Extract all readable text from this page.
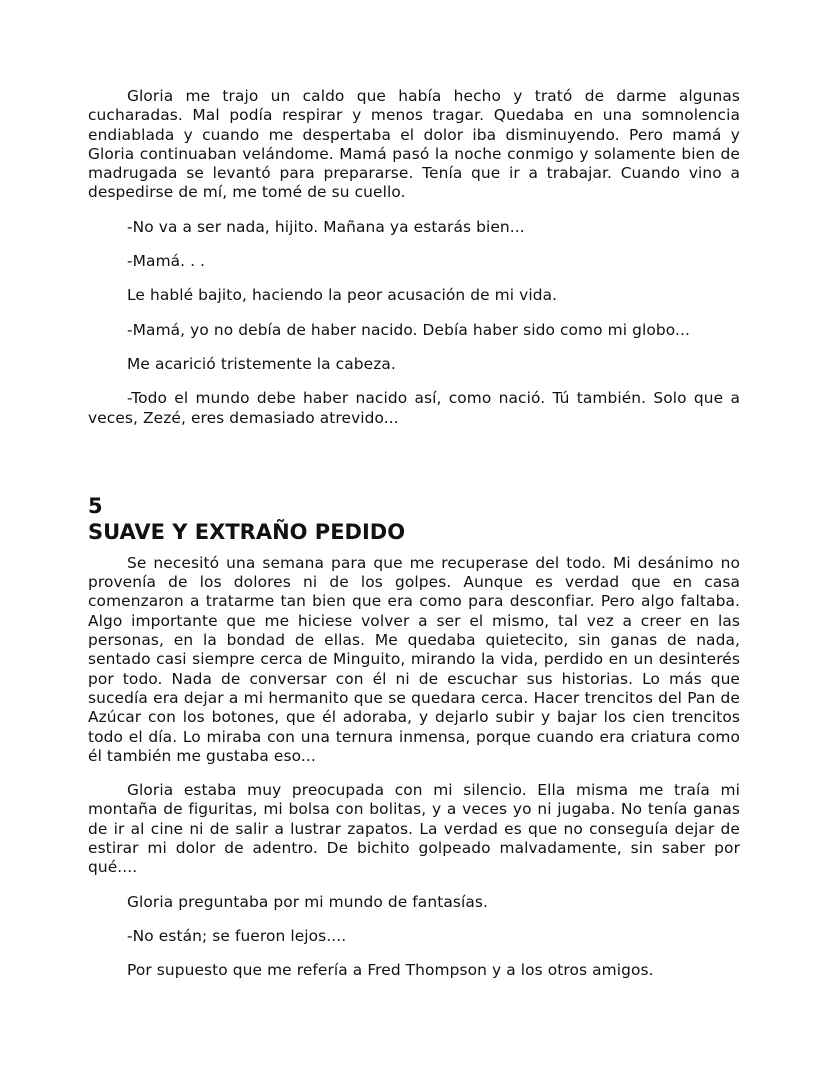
Gloria me trajo un caldo que había hecho y trató de darme algunas cucharadas. Mal podía respirar y menos tragar. Quedaba en una somnolencia endiablada y cuando me despertaba el dolor iba disminuyendo. Pero mamá y Gloria continuaban velándome. Mamá pasó la noche conmigo y solamente bien de madrugada se levantó para prepararse. Tenía que ir a trabajar. Cuando vino a despedirse de mí, me tomé de su cuello.

-No va a ser nada, hijito. Mañana ya estarás bien...

-Mamá. . .

Le hablé bajito, haciendo la peor acusación de mi vida.

-Mamá, yo no debía de haber nacido. Debía haber sido como mi globo...

Me acarició tristemente la cabeza.

-Todo el mundo debe haber nacido así, como nació. Tú también. Solo que a veces, Zezé, eres demasiado atrevido...

5
SUAVE Y EXTRAÑO PEDIDO

Se necesitó una semana para que me recuperase del todo. Mi desánimo no provenía de los dolores ni de los golpes. Aunque es verdad que en casa comenzaron a tratarme tan bien que era como para desconfiar. Pero algo faltaba. Algo importante que me hiciese volver a ser el mismo, tal vez a creer en las personas, en la bondad de ellas. Me quedaba quietecito, sin ganas de nada, sentado casi siempre cerca de Minguito, mirando la vida, perdido en un desinterés por todo. Nada de conversar con él ni de escuchar sus historias. Lo más que sucedía era dejar a mi hermanito que se quedara cerca. Hacer trencitos del Pan de Azúcar con los botones, que él adoraba, y dejarlo subir y bajar los cien trencitos todo el día. Lo miraba con una ternura inmensa, porque cuando era criatura como él también me gustaba eso...

Gloria estaba muy preocupada con mi silencio. Ella misma me traía mi montaña de figuritas, mi bolsa con bolitas, y a veces yo ni jugaba. No tenía ganas de ir al cine ni de salir a lustrar zapatos. La verdad es que no conseguía dejar de estirar mi dolor de adentro. De bichito golpeado malvadamente, sin saber por qué....

Gloria preguntaba por mi mundo de fantasías.

-No están; se fueron lejos....

Por supuesto que me refería a Fred Thompson y a los otros amigos.
